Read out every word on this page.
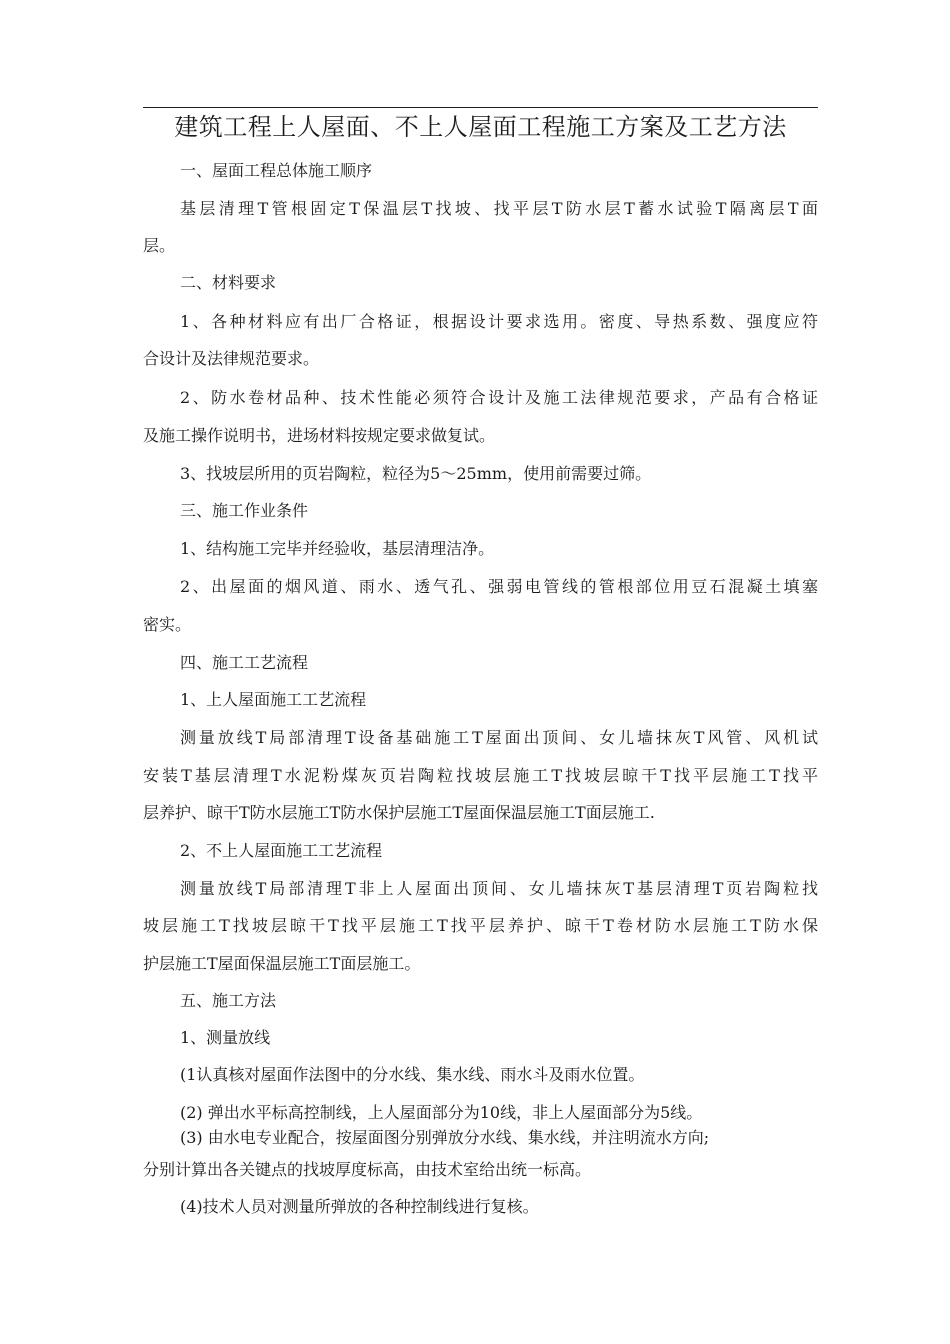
建筑工程上人屋面、不上人屋面工程施工方案及工艺方法
一、屋面工程总体施工顺序
基层清理T管根固定T保温层T找坡、找平层T防水层T蓄水试验T隔离层T面
层。
二、材料要求
1、各种材料应有出厂合格证，根据设计要求选用。密度、导热系数、强度应符
合设计及法律规范要求。
2、防水卷材品种、技术性能必须符合设计及施工法律规范要求，产品有合格证
及施工操作说明书，进场材料按规定要求做复试。
3、找坡层所用的页岩陶粒，粒径为5〜25mm，使用前需要过筛。
三、施工作业条件
1、结构施工完毕并经验收，基层清理洁净。
2、出屋面的烟风道、雨水、透气孔、强弱电管线的管根部位用豆石混凝土填塞
密实。
四、施工工艺流程
1、上人屋面施工工艺流程
测量放线T局部清理T设备基础施工T屋面出顶间、女儿墙抹灰T风管、风机试
安装T基层清理T水泥粉煤灰页岩陶粒找坡层施工T找坡层晾干T找平层施工T找平
层养护、晾干T防水层施工T防水保护层施工T屋面保温层施工T面层施工.
2、不上人屋面施工工艺流程
测量放线T局部清理T非上人屋面出顶间、女儿墙抹灰T基层清理T页岩陶粒找
坡层施工T找坡层晾干T找平层施工T找平层养护、晾干T卷材防水层施工T防水保
护层施工T屋面保温层施工T面层施工。
五、施工方法
1、测量放线
(1认真核对屋面作法图中的分水线、集水线、雨水斗及雨水位置。
(2) 弹出水平标高控制线，上人屋面部分为10线，非上人屋面部分为5线。
(3) 由水电专业配合，按屋面图分别弹放分水线、集水线，并注明流水方向;
分别计算出各关键点的找坡厚度标高，由技术室给出统一标高。
(4)技术人员对测量所弹放的各种控制线进行复核。
